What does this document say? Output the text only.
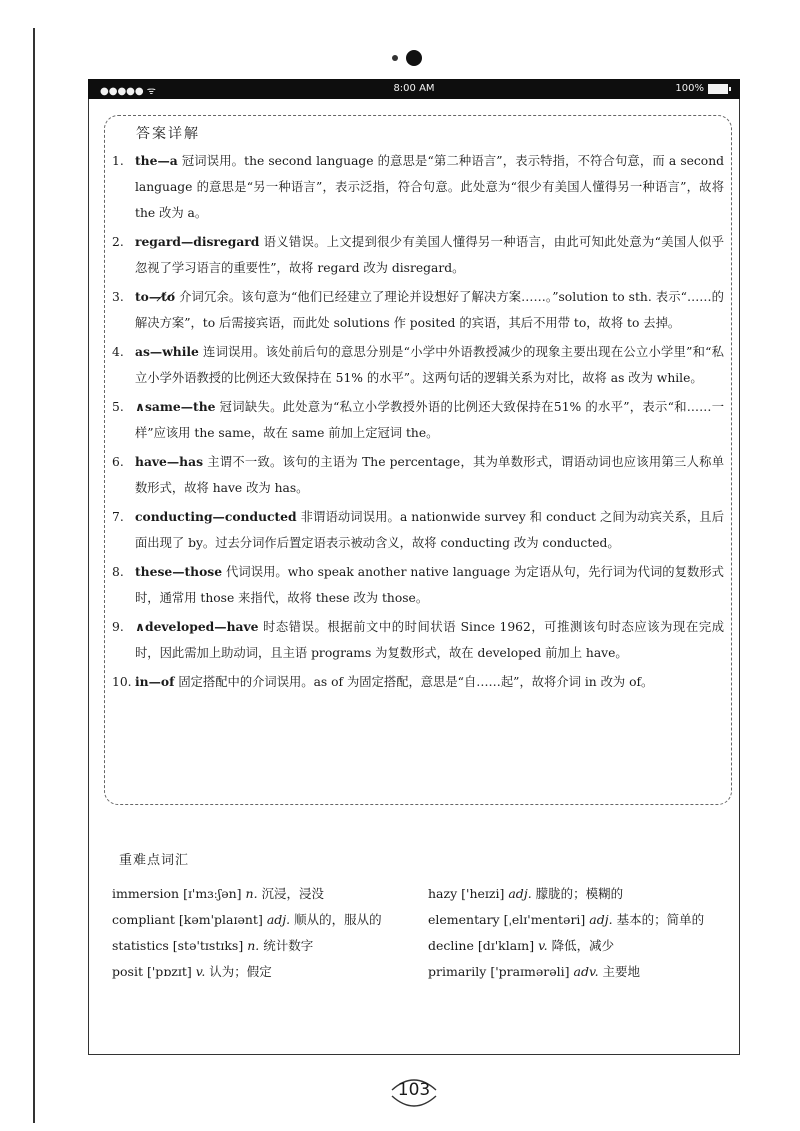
●●●●● ᯤ	8:00 AM	100%
答案详解
1. the—a 冠词误用。the second language 的意思是“第二种语言”，表示特指，不符合句意，而 a second language 的意思是“另一种语言”，表示泛指，符合句意。此处意为“很少有美国人懂得另一种语言”，故将 the 改为 a。
2. regard—disregard 语义错误。上文提到很少有美国人懂得另一种语言，由此可知此处意为“美国人似乎忽视了学习语言的重要性”，故将 regard 改为 disregard。
3. to—t̸o̸ 介词冗余。该句意为“他们已经建立了理论并设想好了解决方案……。”solution to sth. 表示“……的解决方案”，to 后需接宾语，而此处 solutions 作 posited 的宾语，其后不用带 to，故将 to 去掉。
4. as—while 连词误用。该处前后句的意思分别是“小学中外语教授减少的现象主要出现在公立小学里”和“私立小学外语教授的比例还大致保持在 51% 的水平”。这两句话的逻辑关系为对比，故将 as 改为 while。
5. ∧same—the 冠词缺失。此处意为“私立小学教授外语的比例还大致保持在51% 的水平”，表示“和……一样”应该用 the same，故在 same 前加上定冠词 the。
6. have—has 主谓不一致。该句的主语为 The percentage，其为单数形式，谓语动词也应该用第三人称单数形式，故将 have 改为 has。
7. conducting—conducted 非谓语动词误用。a nationwide survey 和 conduct 之间为动宾关系，且后面出现了 by。过去分词作后置定语表示被动含义，故将 conducting 改为 conducted。
8. these—those 代词误用。who speak another native language 为定语从句，先行词为代词的复数形式时，通常用 those 来指代，故将 these 改为 those。
9. ∧developed—have 时态错误。根据前文中的时间状语 Since 1962，可推测该句时态应该为现在完成时，因此需加上助动词，且主语 programs 为复数形式，故在 developed 前加上 have。
10. in—of 固定搭配中的介词误用。as of 为固定搭配，意思是“自……起”，故将介词 in 改为 of。
重难点词汇
immersion [ɪ'mɜːʃən] n. 沉浸，浸没	hazy ['heɪzi] adj. 朦胧的；模糊的
compliant [kəm'plaɪənt] adj. 顺从的，服从的	elementary [ˌelɪ'mentəri] adj. 基本的；简单的
statistics [stə'tɪstɪks] n. 统计数字	decline [dɪ'klaɪn] v. 降低，减少
posit ['pɒzɪt] v. 认为；假定	primarily ['praɪmərəli] adv. 主要地
103
